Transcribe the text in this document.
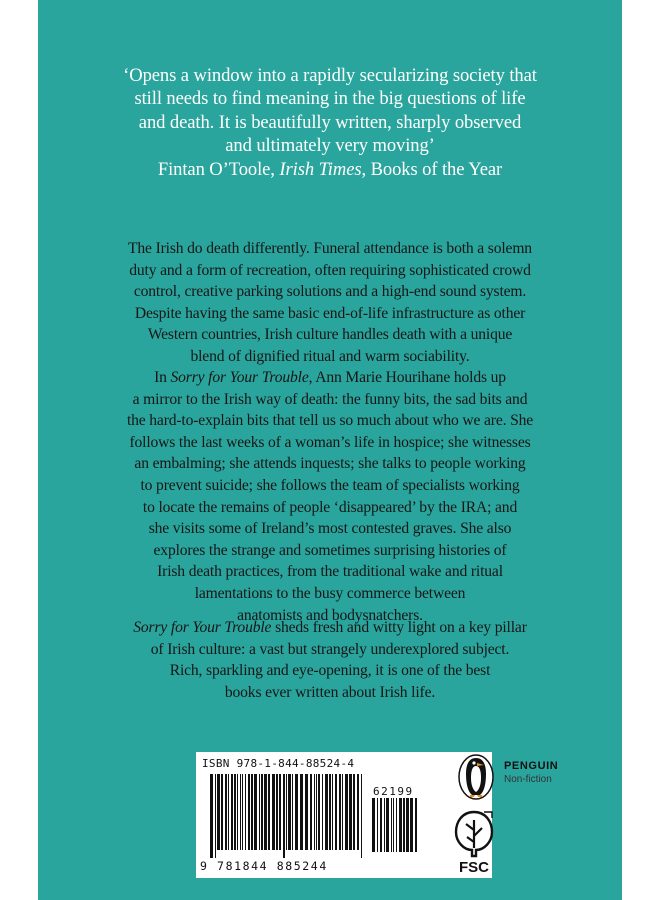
‘Opens a window into a rapidly secularizing society that
still needs to find meaning in the big questions of life
and death. It is beautifully written, sharply observed
and ultimately very moving’
Fintan O’Toole, Irish Times, Books of the Year
The Irish do death differently. Funeral attendance is both a solemn
duty and a form of recreation, often requiring sophisticated crowd
control, creative parking solutions and a high-end sound system.
Despite having the same basic end-of-life infrastructure as other
Western countries, Irish culture handles death with a unique
blend of dignified ritual and warm sociability.
In Sorry for Your Trouble, Ann Marie Hourihane holds up
a mirror to the Irish way of death: the funny bits, the sad bits and
the hard-to-explain bits that tell us so much about who we are. She
follows the last weeks of a woman’s life in hospice; she witnesses
an embalming; she attends inquests; she talks to people working
to prevent suicide; she follows the team of specialists working
to locate the remains of people ‘disappeared’ by the IRA; and
she visits some of Ireland’s most contested graves. She also
explores the strange and sometimes surprising histories of
Irish death practices, from the traditional wake and ritual
lamentations to the busy commerce between
anatomists and bodysnatchers.
Sorry for Your Trouble sheds fresh and witty light on a key pillar
of Irish culture: a vast but strangely underexplored subject.
Rich, sparkling and eye-opening, it is one of the best
books ever written about Irish life.
ISBN 978-1-844-88524-4
62199
9 781844 885244	FSC
PENGUIN
Non-fiction
